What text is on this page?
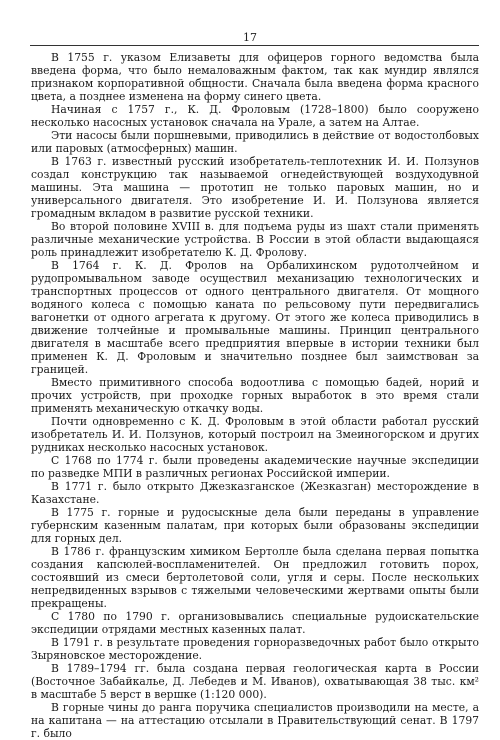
17

В 1755 г. указом Елизаветы для офицеров горного ведомства была введена форма, что было немаловажным фактом, так как мундир являлся признаком корпоративной общности. Сначала была введена форма красного цвета, а позднее изменена на форму синего цвета.

Начиная с 1757 г., К. Д. Фроловым (1728–1800) было сооружено несколько насосных установок сначала на Урале, а затем на Алтае.

Эти насосы были поршневыми, приводились в действие от водостолбовых или паровых (атмосферных) машин.

В 1763 г. известный русский изобретатель-теплотехник И. И. Ползунов создал конструкцию так называемой огнедействующей воздуходувной машины. Эта машина — прототип не только паровых машин, но и универсального двигателя. Это изобретение И. И. Ползунова является громадным вкладом в развитие русской техники.

Во второй половине XVIII в. для подъема руды из шахт стали применять различные механические устройства. В России в этой области выдающаяся роль принадлежит изобретателю К. Д. Фролову.

В 1764 г. К. Д. Фролов на Орбалихинском рудотолчейном и рудопромывальном заводе осуществил механизацию технологических и транспортных процессов от одного центрального двигателя. От мощного водяного колеса с помощью каната по рельсовому пути передвигались вагонетки от одного агрегата к другому. От этого же колеса приводились в движение толчейные и промывальные машины. Принцип центрального двигателя в масштабе всего предприятия впервые в истории техники был применен К. Д. Фроловым и значительно позднее был заимствован за границей.

Вместо примитивного способа водоотлива с помощью бадей, норий и прочих устройств, при проходке горных выработок в это время стали применять механическую откачку воды.

Почти одновременно с К. Д. Фроловым в этой области работал русский изобретатель И. И. Ползунов, который построил на Змеиногорском и других рудниках несколько насосных установок.

С 1768 по 1774 г. были проведены академические научные экспедиции по разведке МПИ в различных регионах Российской империи.

В 1771 г. было открыто Джезказганское (Жезказган) месторождение в Казахстане.

В 1775 г. горные и рудосыскные дела были переданы в управление губернским казенным палатам, при которых были образованы экспедиции для горных дел.

В 1786 г. французским химиком Бертолле была сделана первая попытка создания капсюлей-воспламенителей. Он предложил готовить порох, состоявший из смеси бертолетовой соли, угля и серы. После нескольких непредвиденных взрывов с тяжелыми человеческими жертвами опыты были прекращены.

С 1780 по 1790 г. организовывались специальные рудоискательские экспедиции отрядами местных казенных палат.

В 1791 г. в результате проведения горноразведочных работ было открыто Зыряновское месторождение.

В 1789–1794 гг. была создана первая геологическая карта в России (Восточное Забайкалье, Д. Лебедев и М. Иванов), охватывающая 38 тыс. км² в масштабе 5 верст в вершке (1:120 000).

В горные чины до ранга поручика специалистов производили на месте, а на капитана — на аттестацию отсылали в Правительствующий сенат. В 1797 г. было
